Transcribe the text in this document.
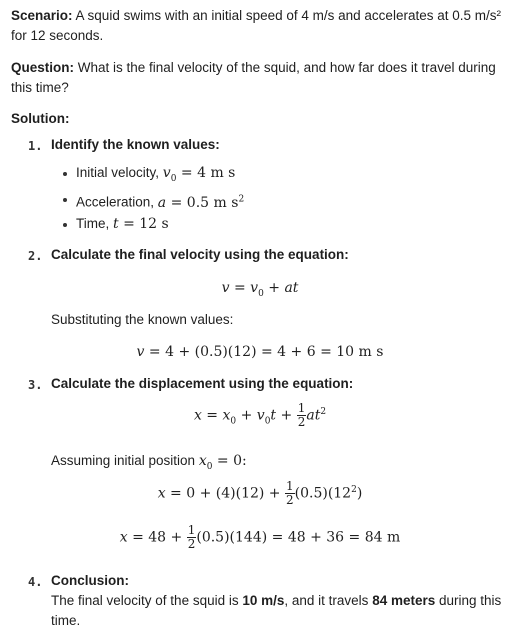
Scenario: A squid swims with an initial speed of 4 m/s and accelerates at 0.5 m/s²
for 12 seconds.
Question: What is the final velocity of the squid, and how far does it travel during
this time?
Solution:
1. Identify the known values:
Initial velocity, $v_0 = 4$ m s
Acceleration, a = 0.5 m $s^2$
Time, t = 12 s
2. Calculate the final velocity using the equation:
$v = v_0$ + at
Substituting the known values:
v = 4 + (0.5)(12) = 4 + 6 = 10 m s
3. Calculate the displacement using the equation:
$x = x_0 + v_0t + \frac{1}{2} at^2$
Assuming initial position $x_0 = 0$:
$x = 0 + (4)(12) + \frac{1}{2} (0.5)(12^2)$
$x = 48 + \frac{1}{2} (0.5)(144) = 48 + 36 = 84$ m
4. Conclusion:
The final velocity of the squid is 10 m/s, and it travels 84 meters during this
time.
